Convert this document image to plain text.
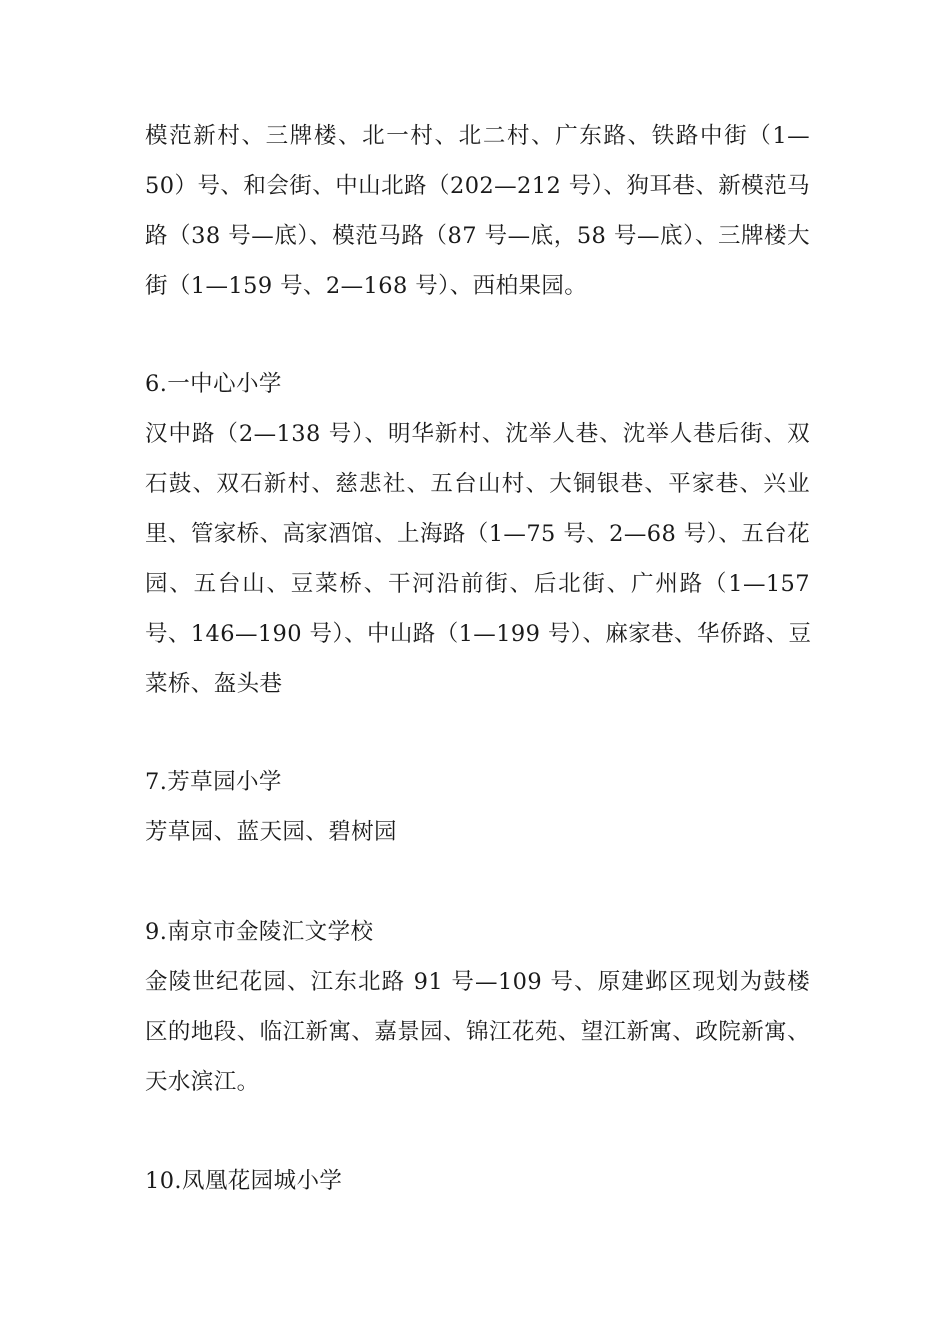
模范新村、三牌楼、北一村、北二村、广东路、铁路中街（1—
50）号、和会街、中山北路（202—212 号）、狗耳巷、新模范马
路（38 号—底）、模范马路（87 号—底，58 号—底）、三牌楼大
街（1—159 号、2—168 号）、西柏果园。
6.一中心小学
汉中路（2—138 号）、明华新村、沈举人巷、沈举人巷后街、双
石鼓、双石新村、慈悲社、五台山村、大铜银巷、平家巷、兴业
里、管家桥、高家酒馆、上海路（1—75 号、2—68 号）、五台花
园、五台山、豆菜桥、干河沿前街、后北街、广州路（1—157
号、146—190 号）、中山路（1—199 号）、麻家巷、华侨路、豆
菜桥、盔头巷
7.芳草园小学
芳草园、蓝天园、碧树园
9.南京市金陵汇文学校
金陵世纪花园、江东北路 91 号—109 号、原建邺区现划为鼓楼
区的地段、临江新寓、嘉景园、锦江花苑、望江新寓、政院新寓、
天水滨江。
10.凤凰花园城小学
